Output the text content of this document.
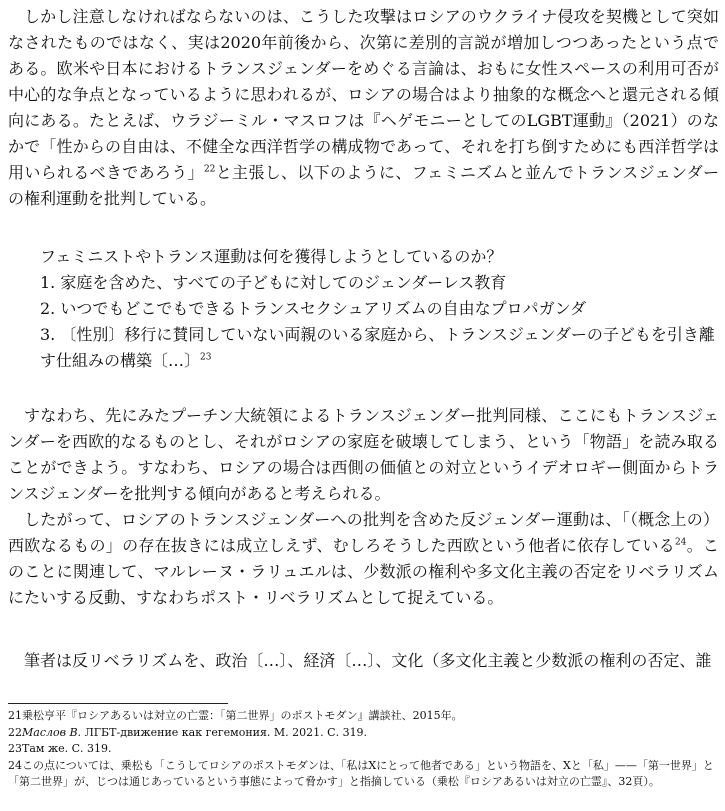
しかし注意しなければならないのは、こうした攻撃はロシアのウクライナ侵攻を契機として突如なされたものではなく、実は2020年前後から、次第に差別的言説が増加しつつあったという点である。欧米や日本におけるトランスジェンダーをめぐる言論は、おもに女性スペースの利用可否が中心的な争点となっているように思われるが、ロシアの場合はより抽象的な概念へと還元される傾向にある。たとえば、ウラジーミル・マスロフは『ヘゲモニーとしてのLGBT運動』（2021）のなかで「性からの自由は、不健全な西洋哲学の構成物であって、それを打ち倒すためにも西洋哲学は用いられるべきであろう」$^{22}$と主張し、以下のように、フェミニズムと並んでトランスジェンダーの権利運動を批判している。

フェミニストやトランス運動は何を獲得しようとしているのか？
1. 家庭を含めた、すべての子どもに対してのジェンダーレス教育
2. いつでもどこでもできるトランスセクシュアリズムの自由なプロパガンダ
3. 〔性別〕移行に賛同していない両親のいる家庭から、トランスジェンダーの子どもを引き離す仕組みの構築〔…〕$^{23}$

すなわち、先にみたプーチン大統領によるトランスジェンダー批判同様、ここにもトランスジェンダーを西欧的なるものとし、それがロシアの家庭を破壊してしまう、という「物語」を読み取ることができよう。すなわち、ロシアの場合は西側の価値との対立というイデオロギー側面からトランスジェンダーを批判する傾向があると考えられる。

したがって、ロシアのトランスジェンダーへの批判を含めた反ジェンダー運動は、「（概念上の）西欧なるもの」の存在抜きには成立しえず、むしろそうした西欧という他者に依存している$^{24}$。このことに関連して、マルレーヌ・ラリュエルは、少数派の権利や多文化主義の否定をリベラリズムにたいする反動、すなわちポスト・リベラリズムとして捉えている。

筆者は反リベラリズムを、政治〔…〕、経済〔…〕、文化（多文化主義と少数派の権利の否定、誰

21乗松亨平『ロシアあるいは対立の亡霊：「第二世界」のポストモダン』講談社、2015年。

22Маслов В. ЛГБТ-движение как гегемония. М. 2021. С. 319.

23Там же. С. 319.

24この点については、乗松も「こうしてロシアのポストモダンは、「私はXにとって他者である」という物語を、Xと「私」——「第一世界」と「第二世界」が、じつは通じあっているという事態によって脅かす」と指摘している（乗松『ロシアあるいは対立の亡霊』、32頁）。
